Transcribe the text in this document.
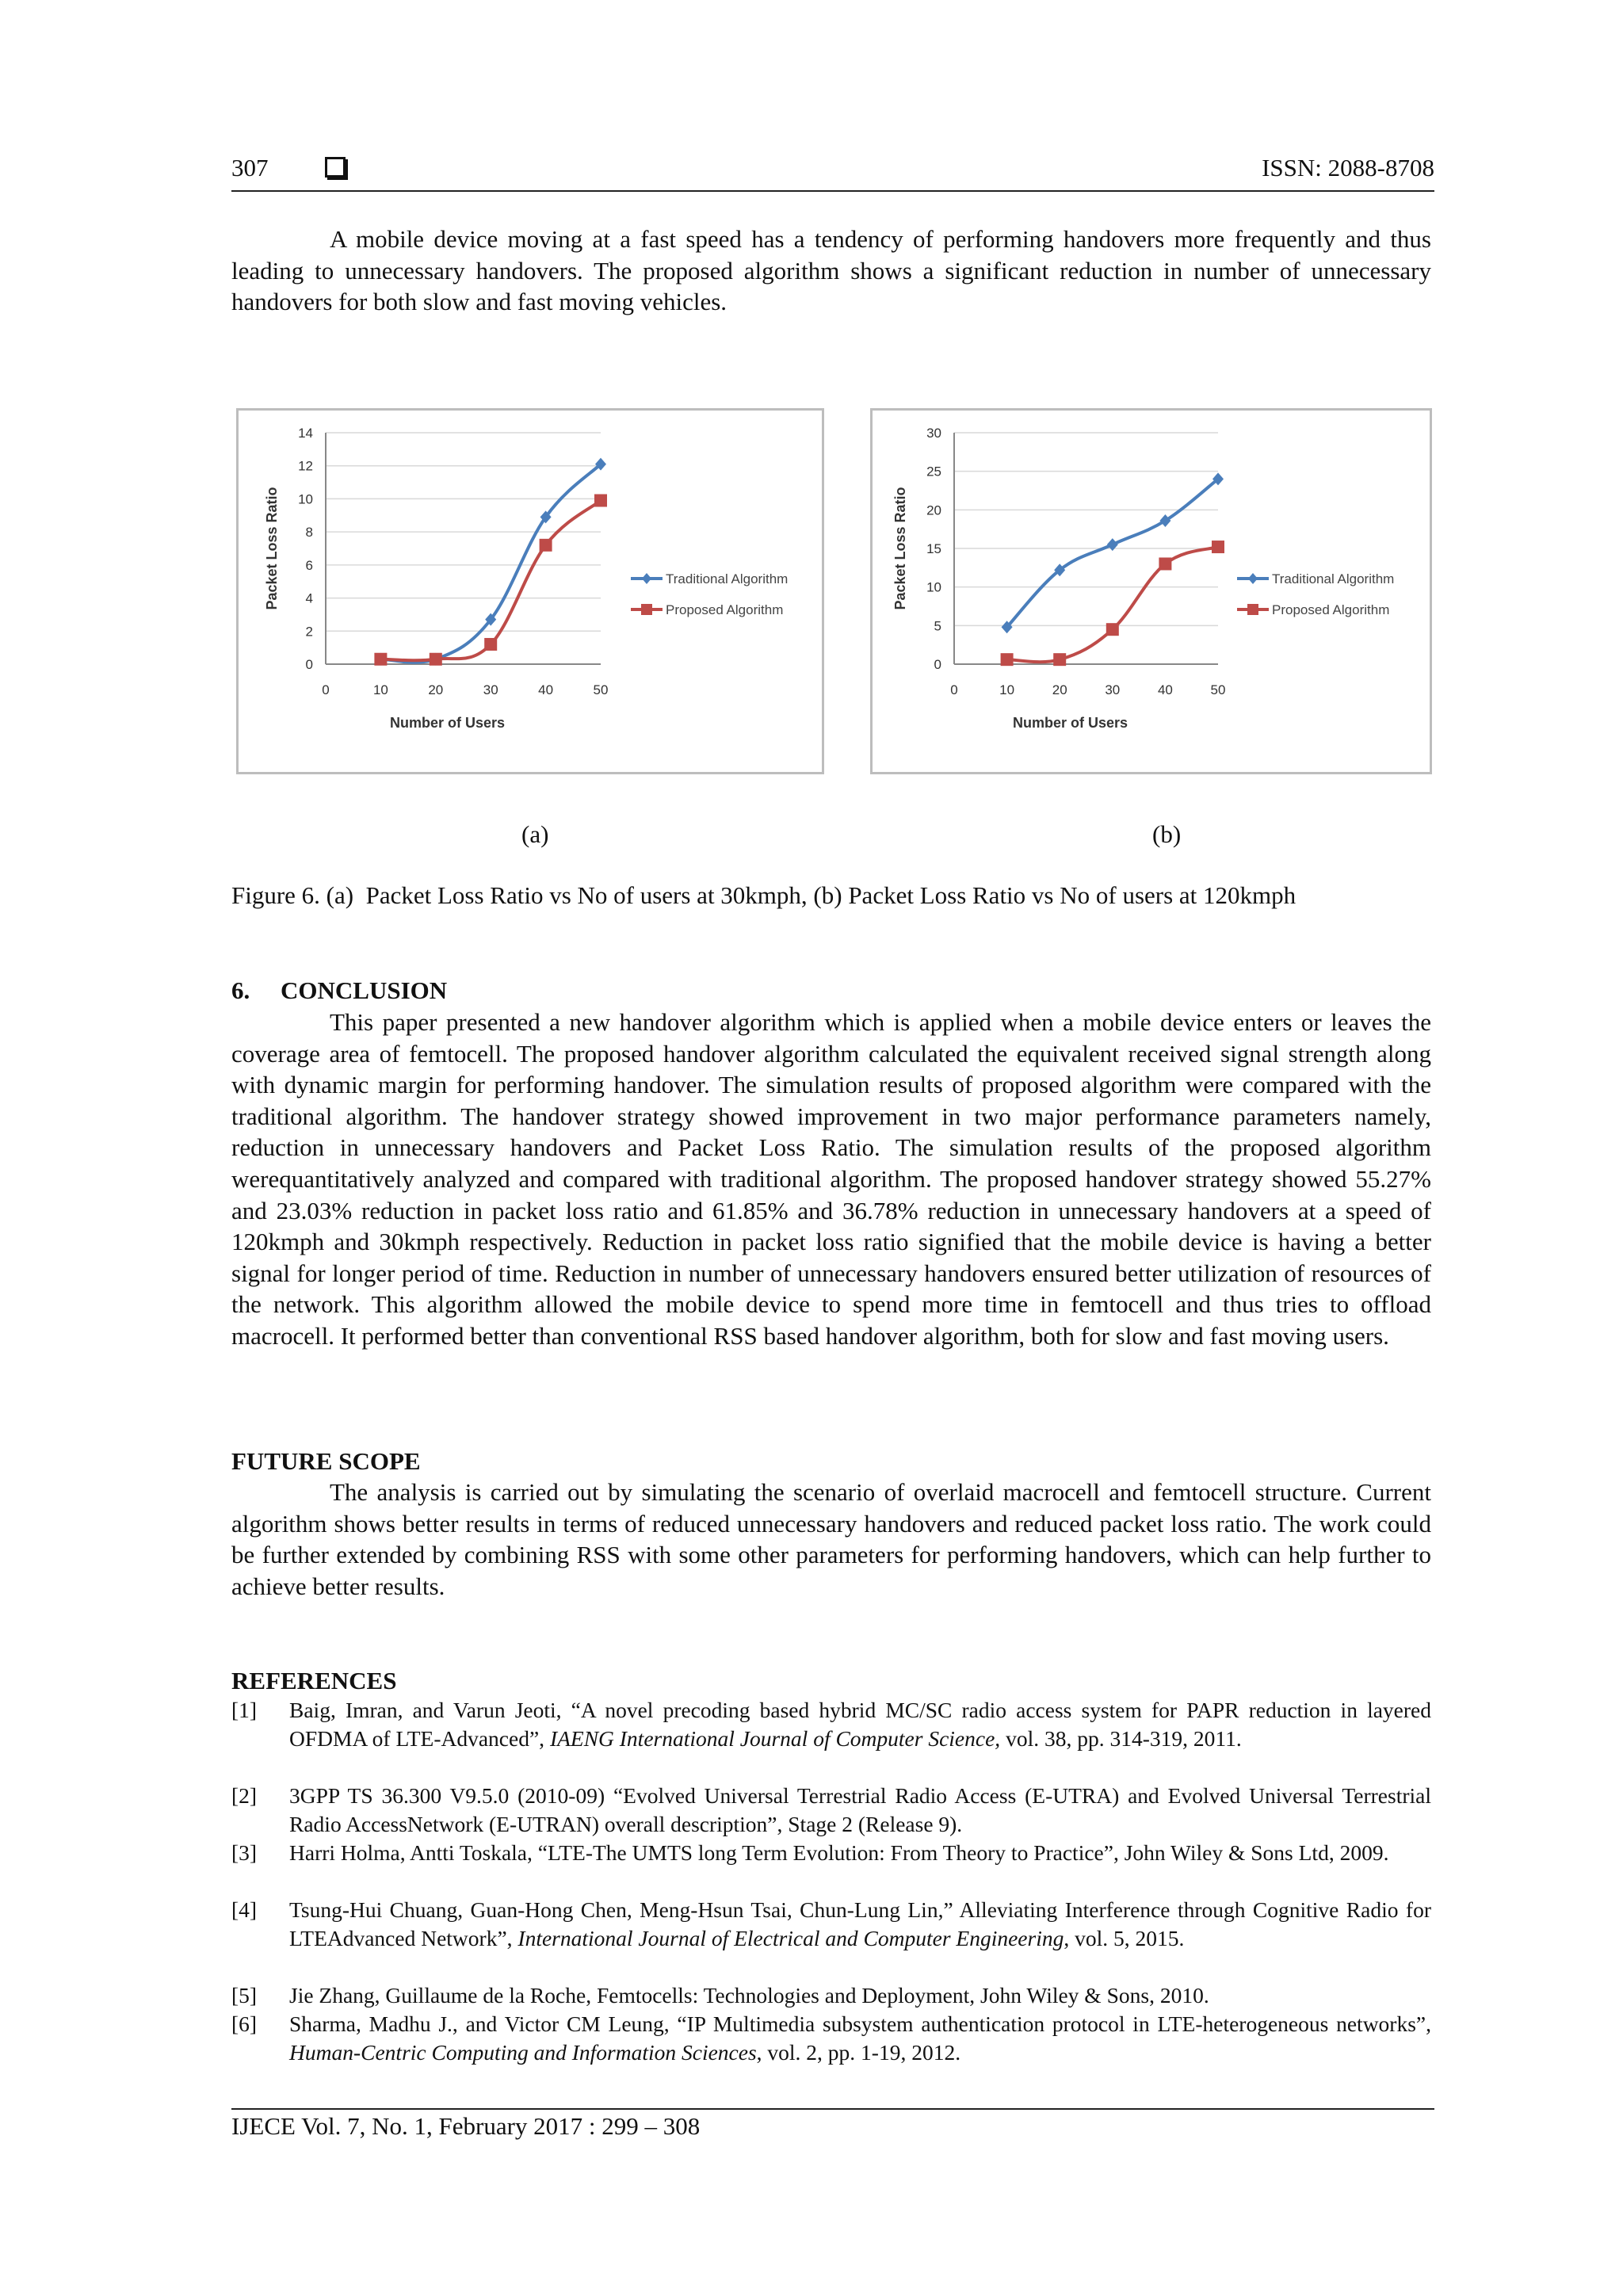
307	ISSN: 2088-8708
A mobile device moving at a fast speed has a tendency of performing handovers more frequently and thus leading to unnecessary handovers. The proposed algorithm shows a significant reduction in number of unnecessary handovers for both slow and fast moving vehicles.
0
2
4
6
8
10
12
14
0	10	20	30	40	50
Number of Users
Packet Loss Ratio	Traditional Algorithm
Proposed Algorithm
0
5
10
15
20
25
30
0	10	20	30	40	50
Number of Users
Packet Loss Ratio	Traditional Algorithm
Proposed Algorithm
(a)	(b)
Figure 6. (a)  Packet Loss Ratio vs No of users at 30kmph, (b) Packet Loss Ratio vs No of users at 120kmph
6.     CONCLUSION
This paper presented a new handover algorithm which is applied when a mobile device enters or leaves the coverage area of femtocell. The proposed handover algorithm calculated the equivalent received signal strength along with dynamic margin for performing handover. The simulation results of proposed algorithm were compared with the traditional algorithm. The handover strategy showed improvement in two major performance parameters namely, reduction in unnecessary handovers and Packet Loss Ratio. The simulation results of the proposed algorithm werequantitatively analyzed and compared with traditional algorithm. The proposed handover strategy showed 55.27% and 23.03% reduction in packet loss ratio and 61.85% and 36.78% reduction in unnecessary handovers at a speed of 120kmph and 30kmph respectively. Reduction in packet loss ratio signified that the mobile device is having a better signal for longer period of time. Reduction in number of unnecessary handovers ensured better utilization of resources of the network. This algorithm allowed the mobile device to spend more time in femtocell and thus tries to offload macrocell. It performed better than conventional RSS based handover algorithm, both for slow and fast moving users.
FUTURE SCOPE
The analysis is carried out by simulating the scenario of overlaid macrocell and femtocell structure. Current algorithm shows better results in terms of reduced unnecessary handovers and reduced packet loss ratio. The work could be further extended by combining RSS with some other parameters for performing handovers, which can help further to achieve better results.
REFERENCES
[1] Baig, Imran, and Varun Jeoti, “A novel precoding based hybrid MC/SC radio access system for PAPR reduction in layered OFDMA of LTE-Advanced”, IAENG International Journal of Computer Science, vol. 38, pp. 314-319, 2011.
[2] 3GPP TS 36.300 V9.5.0 (2010-09) “Evolved Universal Terrestrial Radio Access (E-UTRA) and Evolved Universal Terrestrial Radio AccessNetwork (E-UTRAN) overall description”, Stage 2 (Release 9).
[3] Harri Holma, Antti Toskala, “LTE-The UMTS long Term Evolution: From Theory to Practice”, John Wiley & Sons Ltd, 2009.
[4] Tsung-Hui Chuang, Guan-Hong Chen, Meng-Hsun Tsai, Chun-Lung Lin,” Alleviating Interference through Cognitive Radio for LTEAdvanced Network”, International Journal of Electrical and Computer Engineering, vol. 5, 2015.
[5] Jie Zhang, Guillaume de la Roche, Femtocells: Technologies and Deployment, John Wiley & Sons, 2010.
[6] Sharma, Madhu J., and Victor CM Leung, “IP Multimedia subsystem authentication protocol in LTE-heterogeneous networks”, Human-Centric Computing and Information Sciences, vol. 2, pp. 1-19, 2012.
IJECE Vol. 7, No. 1, February 2017 : 299 – 308
